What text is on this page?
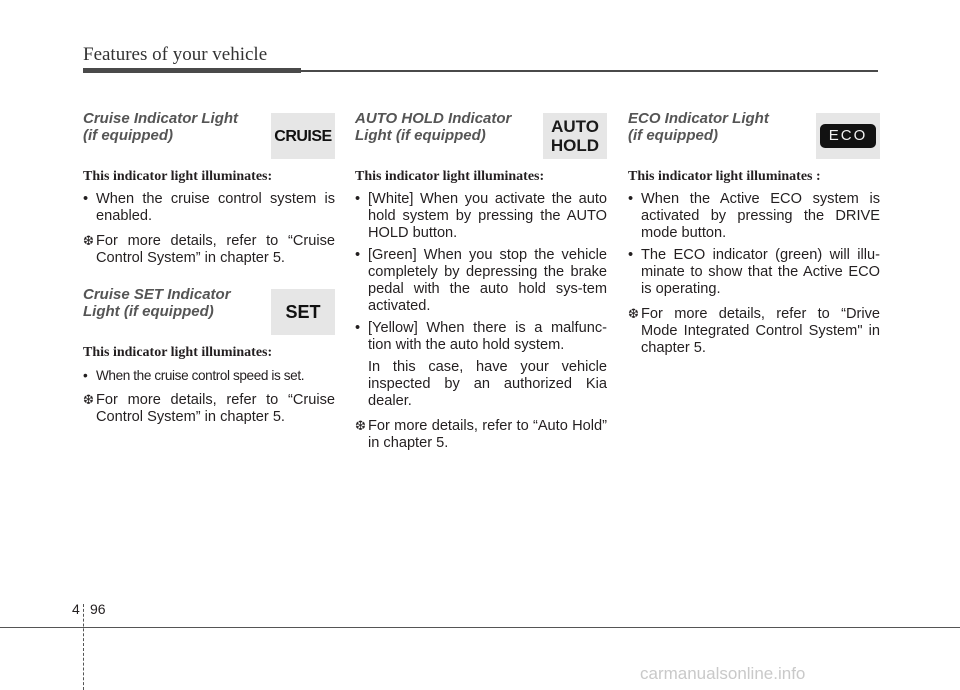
Features of your vehicle
Cruise Indicator Light
(if equipped)	CRUISE
This indicator light illuminates:
• When the cruise control system is enabled.

❆ For more details, refer to “Cruise Control System” in chapter 5.

Cruise SET Indicator
Light (if equipped)	SET
This indicator light illuminates:
• When the cruise control speed is set.

❆ For more details, refer to “Cruise Control System” in chapter 5.

AUTO HOLD Indicator
Light (if equipped)	AUTO
HOLD
This indicator light illuminates:
• [White] When you activate the auto hold system by pressing the AUTO HOLD button.
• [Green] When you stop the vehicle completely by depressing the brake pedal with the auto hold sys-tem activated.
• [Yellow] When there is a malfunc-tion with the auto hold system.

In this case, have your vehicle inspected by an authorized Kia dealer.

❆ For more details, refer to “Auto Hold” in chapter 5.

ECO Indicator Light
(if equipped)	ECO
This indicator light illuminates :
• When the Active ECO system is activated by pressing the DRIVE mode button.
• The ECO indicator (green) will illu-minate to show that the Active ECO is operating.

❆ For more details, refer to “Drive Mode Integrated Control System" in chapter 5.

4 96
carmanualsonline.info
